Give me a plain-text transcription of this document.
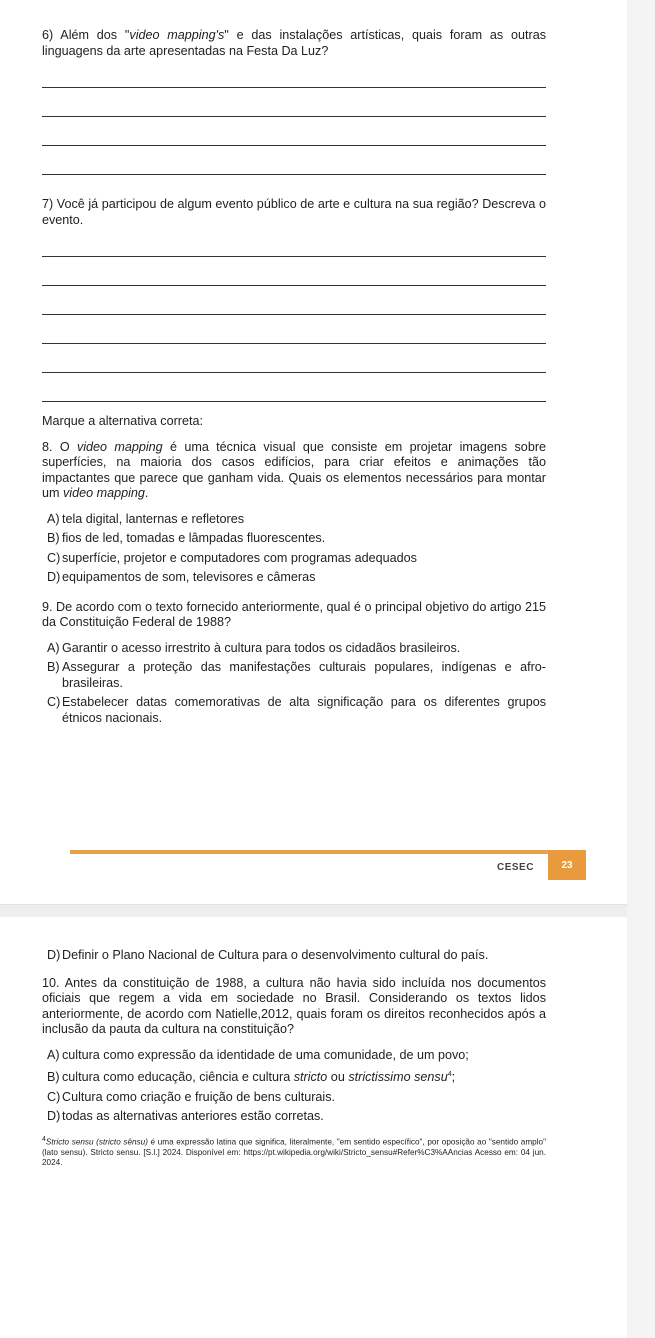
6) Além dos "video mapping's" e das instalações artísticas, quais foram as outras linguagens da arte apresentadas na Festa Da Luz?

7) Você já participou de algum evento público de arte e cultura na sua região? Descreva o evento.

Marque a alternativa correta:

8. O video mapping é uma técnica visual que consiste em projetar imagens sobre superfícies, na maioria dos casos edifícios, para criar efeitos e animações tão impactantes que parece que ganham vida. Quais os elementos necessários para montar um video mapping.

A) tela digital, lanternas e refletores

B) fios de led, tomadas e lâmpadas fluorescentes.

C) superfície, projetor e computadores com programas adequados

D) equipamentos de som, televisores e câmeras

9. De acordo com o texto fornecido anteriormente, qual é o principal objetivo do artigo 215 da Constituição Federal de 1988?

A) Garantir o acesso irrestrito à cultura para todos os cidadãos brasileiros.

B) Assegurar a proteção das manifestações culturais populares, indígenas e afro-brasileiras.

C) Estabelecer datas comemorativas de alta significação para os diferentes grupos étnicos nacionais.

CESEC	23

D) Definir o Plano Nacional de Cultura para o desenvolvimento cultural do país.

10. Antes da constituição de 1988, a cultura não havia sido incluída nos documentos oficiais que regem a vida em sociedade no Brasil. Considerando os textos lidos anteriormente, de acordo com Natielle,2012, quais foram os direitos reconhecidos após a inclusão da pauta da cultura na constituição?

A) cultura como expressão da identidade de uma comunidade, de um povo;

B) cultura como educação, ciência e cultura stricto ou strictissimo sensu$^4$;

C) Cultura como criação e fruição de bens culturais.

D) todas as alternativas anteriores estão corretas.

$^4$Stricto sensu (stricto sênsu) é uma expressão latina que significa, literalmente, "em sentido específico", por oposição ao "sentido amplo" (lato sensu). Stricto sensu. [S.l.] 2024. Disponível em: https://pt.wikipedia.org/wiki/Stricto_sensu#Refer%C3%AAncias Acesso em: 04 jun. 2024.
